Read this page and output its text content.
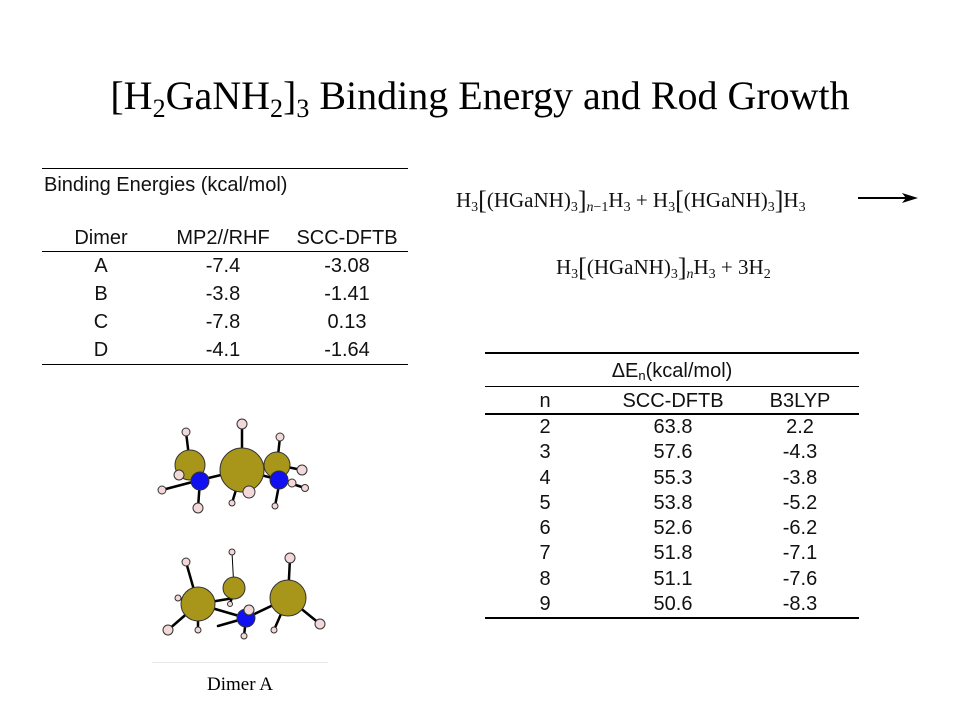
$[H_2GaNH_2]_3$ Binding Energy and Rod Growth
Binding Energies (kcal/mol)
Dimer	MP2//RHF	SCC-DFTB
A	-7.4	-3.08
B	-3.8	-1.41
C	-7.8	0.13
D	-4.1	-1.64
$H_3[(HGaNH)_3]_{n-1}H_3$ + $H_3[(HGaNH)_3]H_3$
$H_3[(HGaNH)_3]_nH_3 + 3H_2$
$\Delta E_n(kcal/mol)$
n	SCC-DFTB	B3LYP
2	63.8	2.2
3	57.6	-4.3
4	55.3	-3.8
5	53.8	-5.2
6	52.6	-6.2
7	51.8	-7.1
8	51.1	-7.6
9	50.6	-8.3
Dimer A
